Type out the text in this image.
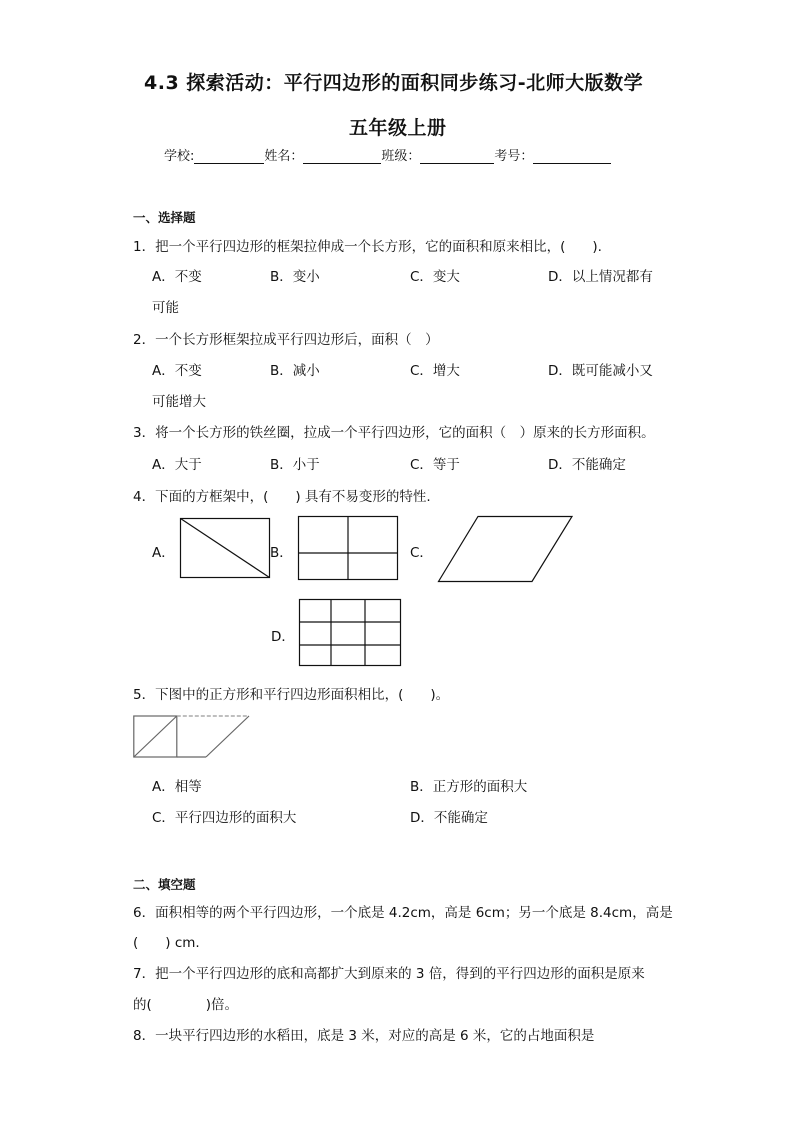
4.3 探索活动：平行四边形的面积同步练习-北师大版数学
五年级上册
学校:	姓名：	班级：	考号：
一、选择题
1．把一个平行四边形的框架拉伸成一个长方形，它的面积和原来相比，(　　).
A．不变	B．变小	C．变大	D．以上情况都有
可能
2．一个长方形框架拉成平行四边形后，面积（　）
A．不变	B．减小	C．增大	D．既可能减小又
可能增大
3．将一个长方形的铁丝圈，拉成一个平行四边形，它的面积（　）原来的长方形面积。
A．大于	B．小于	C．等于	D．不能确定
4．下面的方框架中，(　　) 具有不易变形的特性.
A．	B．	C．
D．
5．下图中的正方形和平行四边形面积相比，(　　)。
A．相等	B．正方形的面积大
C．平行四边形的面积大	D．不能确定
二、填空题
6．面积相等的两个平行四边形，一个底是 4.2cm，高是 6cm；另一个底是 8.4cm，高是
(　　) cm.
7．把一个平行四边形的底和高都扩大到原来的 3 倍，得到的平行四边形的面积是原来
的(　　　　)倍。
8．一块平行四边形的水稻田，底是 3 米，对应的高是 6 米，它的占地面积是
